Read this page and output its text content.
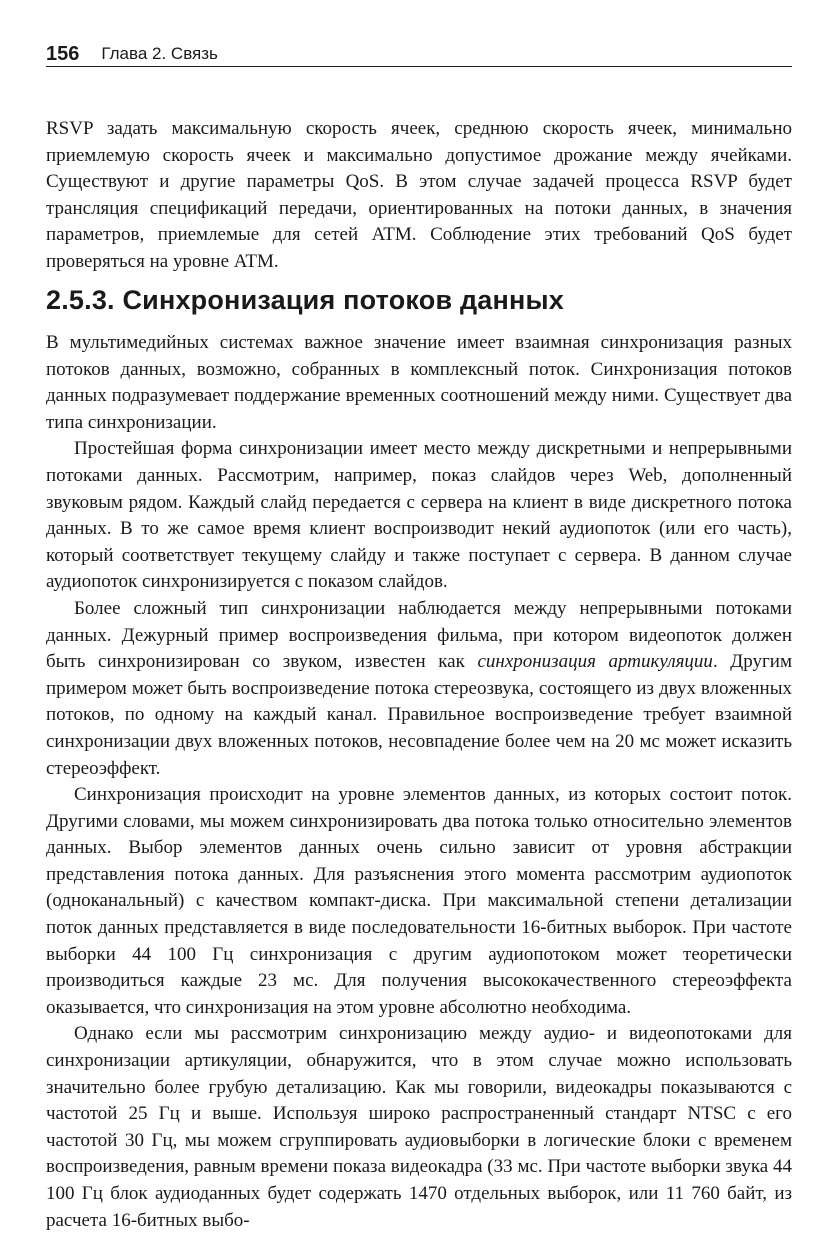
156 Глава 2. Связь

RSVP задать максимальную скорость ячеек, среднюю скорость ячеек, минимально приемлемую скорость ячеек и максимально допустимое дрожание между ячейками. Существуют и другие параметры QoS. В этом случае задачей процесса RSVP будет трансляция спецификаций передачи, ориентированных на потоки данных, в значения параметров, приемлемые для сетей ATM. Соблюдение этих требований QoS будет проверяться на уровне ATM.

2.5.3. Синхронизация потоков данных

В мультимедийных системах важное значение имеет взаимная синхронизация разных потоков данных, возможно, собранных в комплексный поток. Синхронизация потоков данных подразумевает поддержание временных соотношений между ними. Существует два типа синхронизации.

Простейшая форма синхронизации имеет место между дискретными и непрерывными потоками данных. Рассмотрим, например, показ слайдов через Web, дополненный звуковым рядом. Каждый слайд передается с сервера на клиент в виде дискретного потока данных. В то же самое время клиент воспроизводит некий аудиопоток (или его часть), который соответствует текущему слайду и также поступает с сервера. В данном случае аудиопоток синхронизируется с показом слайдов.

Более сложный тип синхронизации наблюдается между непрерывными потоками данных. Дежурный пример воспроизведения фильма, при котором видеопоток должен быть синхронизирован со звуком, известен как синхронизация артикуляции. Другим примером может быть воспроизведение потока стереозвука, состоящего из двух вложенных потоков, по одному на каждый канал. Правильное воспроизведение требует взаимной синхронизации двух вложенных потоков, несовпадение более чем на 20 мс может исказить стереоэффект.

Синхронизация происходит на уровне элементов данных, из которых состоит поток. Другими словами, мы можем синхронизировать два потока только относительно элементов данных. Выбор элементов данных очень сильно зависит от уровня абстракции представления потока данных. Для разъяснения этого момента рассмотрим аудиопоток (одноканальный) с качеством компакт-диска. При максимальной степени детализации поток данных представляется в виде последовательности 16-битных выборок. При частоте выборки 44 100 Гц синхронизация с другим аудиопотоком может теоретически производиться каждые 23 мс. Для получения высококачественного стереоэффекта оказывается, что синхронизация на этом уровне абсолютно необходима.

Однако если мы рассмотрим синхронизацию между аудио- и видеопотоками для синхронизации артикуляции, обнаружится, что в этом случае можно использовать значительно более грубую детализацию. Как мы говорили, видеокадры показываются с частотой 25 Гц и выше. Используя широко распространенный стандарт NTSC с его частотой 30 Гц, мы можем сгруппировать аудиовыборки в логические блоки с временем воспроизведения, равным времени показа видеокадра (33 мс. При частоте выборки звука 44 100 Гц блок аудиоданных будет содержать 1470 отдельных выборок, или 11 760 байт, из расчета 16-битных выбо-
